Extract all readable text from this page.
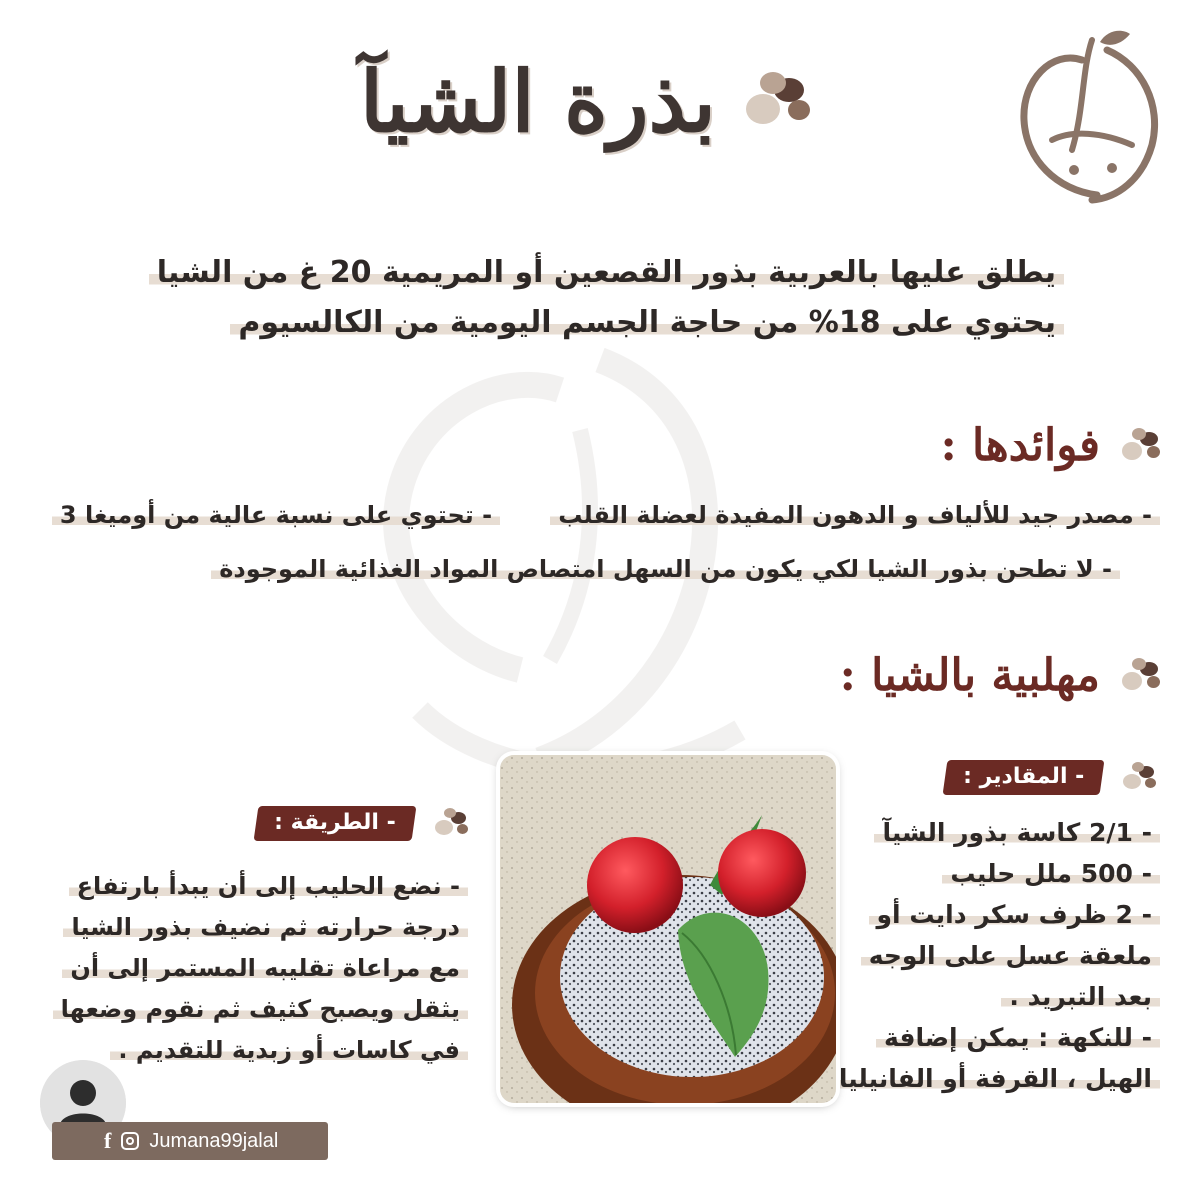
بذرة الشيآ
يطلق عليها بالعربية بذور القصعين أو المريمية 20 غ من الشيا
يحتوي على 18% من حاجة الجسم اليومية من الكالسيوم
فوائدها :
- مصدر جيد للألياف و الدهون المفيدة لعضلة القلب      - تحتوي على نسبة عالية من أوميغا 3
- لا تطحن بذور الشيا لكي يكون من السهل امتصاص المواد الغذائية الموجودة
مهلبية بالشيا :
- المقادير :
- 2/1 كاسة بذور الشيآ
- 500 ملل حليب
- 2 ظرف سكر دايت أو
ملعقة عسل على الوجه
بعد التبريد .
- للنكهة : يمكن إضافة
الهيل ، القرفة أو الفانيليا
- الطريقة :
- نضع الحليب إلى أن يبدأ بارتفاع
درجة حرارته ثم نضيف بذور الشيا
مع مراعاة تقليبه المستمر إلى أن
يثقل ويصبح كثيف ثم نقوم وضعها
في كاسات أو زبدية للتقديم .
f Jumana99jalal
